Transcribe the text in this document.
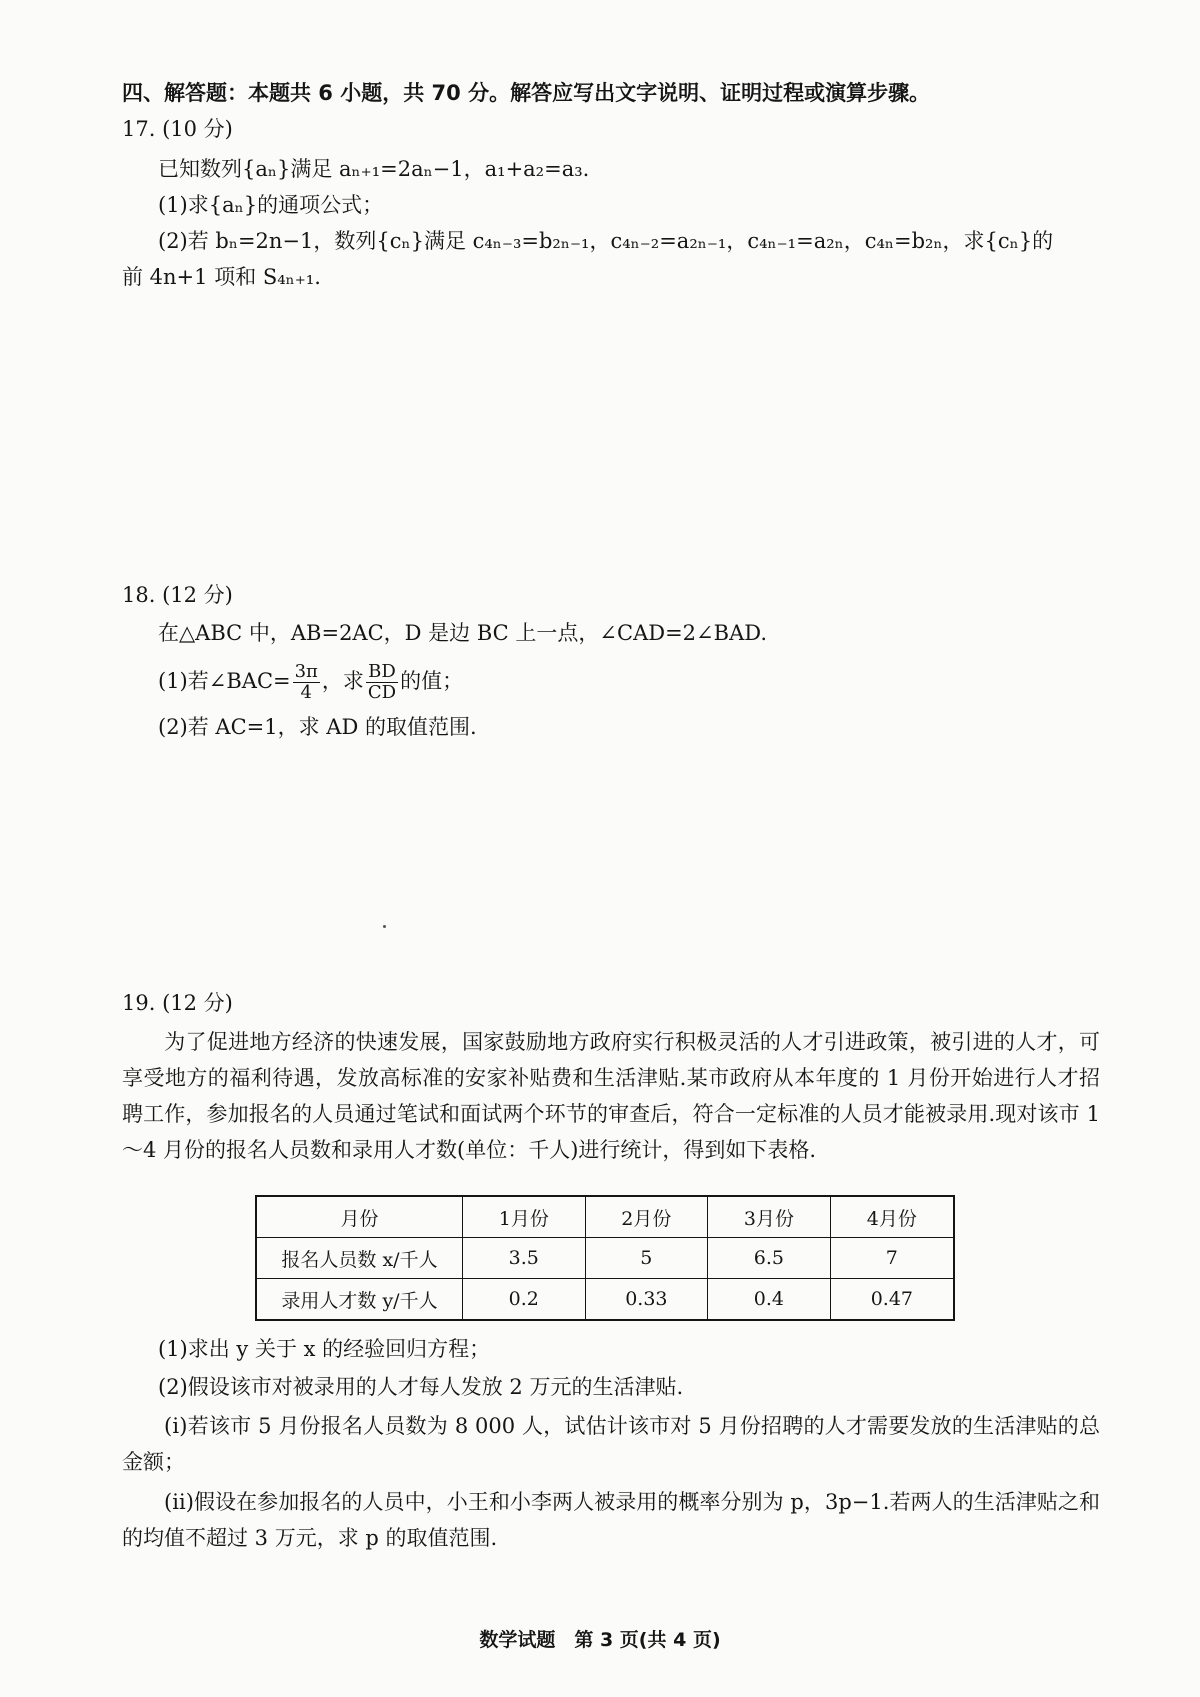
四、解答题：本题共 6 小题，共 70 分。解答应写出文字说明、证明过程或演算步骤。
17. (10 分)
已知数列{aₙ}满足 aₙ₊₁=2aₙ−1，a₁+a₂=a₃.
(1)求{aₙ}的通项公式；
(2)若 bₙ=2n−1，数列{cₙ}满足 c₄ₙ₋₃=b₂ₙ₋₁，c₄ₙ₋₂=a₂ₙ₋₁，c₄ₙ₋₁=a₂ₙ，c₄ₙ=b₂ₙ，求{cₙ}的
前 4n+1 项和 S₄ₙ₊₁.
18. (12 分)
在△ABC 中，AB=2AC，D 是边 BC 上一点，∠CAD=2∠BAD.
(1)若∠BAC= $\frac{3\pi}{4}$ ，求 $\frac{BD}{CD}$ 的值；
(2)若 AC=1，求 AD 的取值范围.
19. (12 分)
为了促进地方经济的快速发展，国家鼓励地方政府实行积极灵活的人才引进政策，被引进的人才，可享受地方的福利待遇，发放高标准的安家补贴费和生活津贴.某市政府从本年度的 1 月份开始进行人才招聘工作，参加报名的人员通过笔试和面试两个环节的审查后，符合一定标准的人员才能被录用.现对该市 1～4 月份的报名人员数和录用人才数(单位：千人)进行统计，得到如下表格.
月份	1月份	2月份	3月份	4月份
报名人员数 x/千人	3.5	5	6.5	7
录用人才数 y/千人	0.2	0.33	0.4	0.47
(1)求出 y 关于 x 的经验回归方程；
(2)假设该市对被录用的人才每人发放 2 万元的生活津贴.
(ⅰ)若该市 5 月份报名人员数为 8 000 人，试估计该市对 5 月份招聘的人才需要发放的生活津贴的总金额；
(ⅱ)假设在参加报名的人员中，小王和小李两人被录用的概率分别为 p，3p−1.若两人的生活津贴之和的均值不超过 3 万元，求 p 的取值范围.
数学试题　第 3 页(共 4 页)
